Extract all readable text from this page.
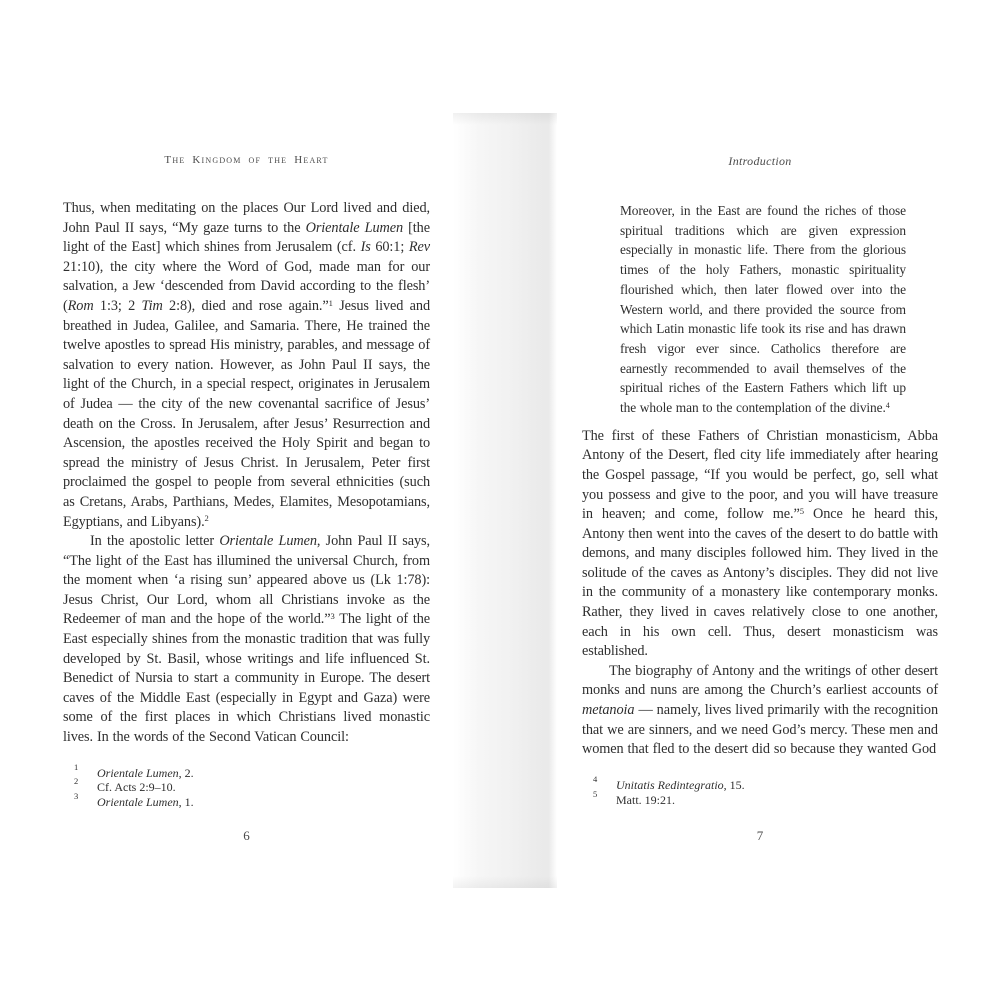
The Kingdom of the Heart

Thus, when meditating on the places Our Lord lived and died, John Paul II says, “My gaze turns to the Orientale Lumen [the light of the East] which shines from Jerusalem (cf. Is 60:1; Rev 21:10), the city where the Word of God, made man for our salvation, a Jew ‘descended from David according to the flesh’ (Rom 1:3; 2 Tim 2:8), died and rose again.”$^1$ Jesus lived and breathed in Judea, Galilee, and Samaria. There, He trained the twelve apostles to spread His ministry, parables, and message of salvation to every nation. However, as John Paul II says, the light of the Church, in a special respect, originates in Jerusalem of Judea — the city of the new covenantal sacrifice of Jesus’ death on the Cross. In Jerusalem, after Jesus’ Resurrection and Ascension, the apostles received the Holy Spirit and began to spread the ministry of Jesus Christ. In Jerusalem, Peter first proclaimed the gospel to people from several ethnicities (such as Cretans, Arabs, Parthians, Medes, Elamites, Mesopotamians, Egyptians, and Libyans).$^2$

In the apostolic letter Orientale Lumen, John Paul II says, “The light of the East has illumined the universal Church, from the moment when ‘a rising sun’ appeared above us (Lk 1:78): Jesus Christ, Our Lord, whom all Christians invoke as the Redeemer of man and the hope of the world.”$^3$ The light of the East especially shines from the monastic tradition that was fully developed by St. Basil, whose writings and life influenced St. Benedict of Nursia to start a community in Europe. The desert caves of the Middle East (especially in Egypt and Gaza) were some of the first places in which Christians lived monastic lives. In the words of the Second Vatican Council:

1 Orientale Lumen, 2.
2 Cf. Acts 2:9–10.
3 Orientale Lumen, 1.
6
Introduction
Moreover, in the East are found the riches of those spiritual traditions which are given expression especially in monastic life. There from the glorious times of the holy Fathers, monastic spirituality flourished which, then later flowed over into the Western world, and there provided the source from which Latin monastic life took its rise and has drawn fresh vigor ever since. Catholics therefore are earnestly recommended to avail themselves of the spiritual riches of the Eastern Fathers which lift up the whole man to the contemplation of the divine.$^4$

The first of these Fathers of Christian monasticism, Abba Antony of the Desert, fled city life immediately after hearing the Gospel passage, “If you would be perfect, go, sell what you possess and give to the poor, and you will have treasure in heaven; and come, follow me.”$^5$ Once he heard this, Antony then went into the caves of the desert to do battle with demons, and many disciples followed him. They lived in the solitude of the caves as Antony’s disciples. They did not live in the community of a monastery like contemporary monks. Rather, they lived in caves relatively close to one another, each in his own cell. Thus, desert monasticism was established.

The biography of Antony and the writings of other desert monks and nuns are among the Church’s earliest accounts of metanoia — namely, lives lived primarily with the recognition that we are sinners, and we need God’s mercy. These men and women that fled to the desert did so because they wanted God

4 Unitatis Redintegratio, 15.
5 Matt. 19:21.
7
